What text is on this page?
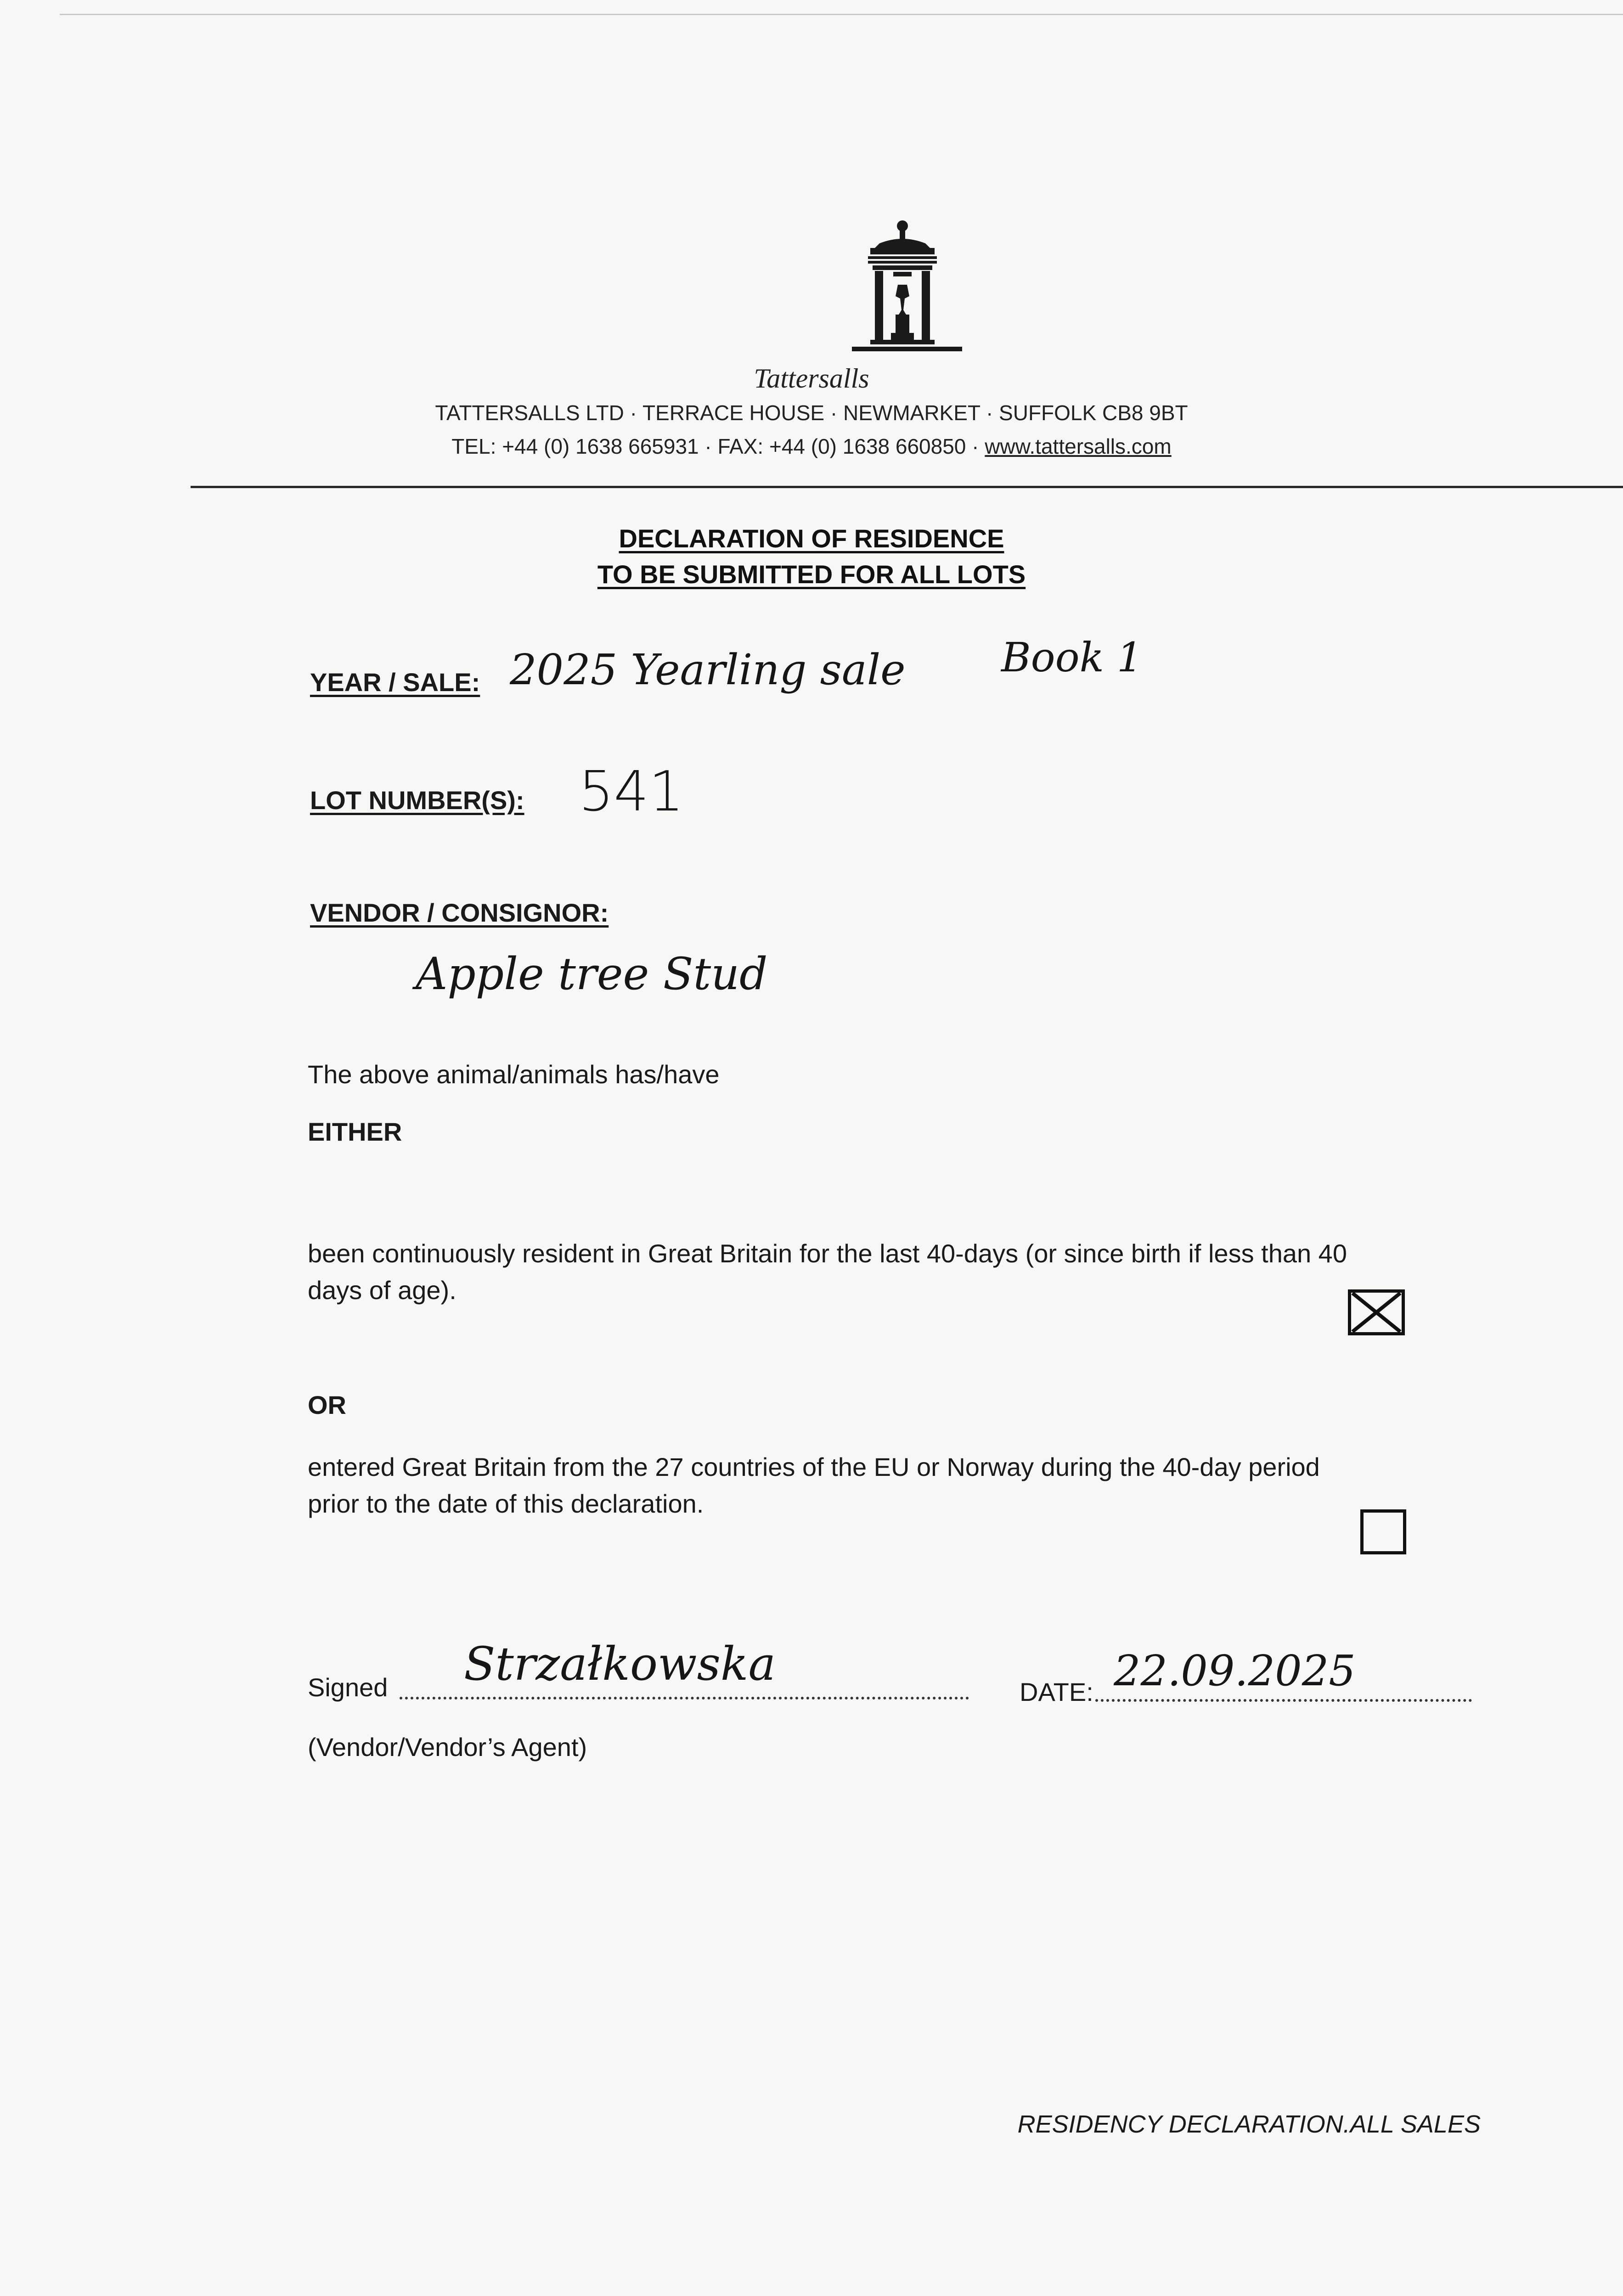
Tattersalls
TATTERSALLS LTD · TERRACE HOUSE · NEWMARKET · SUFFOLK CB8 9BT
TEL: +44 (0) 1638 665931 · FAX: +44 (0) 1638 660850 · www.tattersalls.com
DECLARATION OF RESIDENCE
TO BE SUBMITTED FOR ALL LOTS
YEAR / SALE: 2025 Yearling sale Book 1
LOT NUMBER(S): 541
VENDOR / CONSIGNOR:
Apple tree Stud
The above animal/animals has/have
EITHER
been continuously resident in Great Britain for the last 40-days (or since birth if less than 40
days of age).
OR
entered Great Britain from the 27 countries of the EU or Norway during the 40-day period
prior to the date of this declaration.
Signed Strzałkowska
DATE: 22.09.2025
(Vendor/Vendor’s Agent)
RESIDENCY DECLARATION.ALL SALES
